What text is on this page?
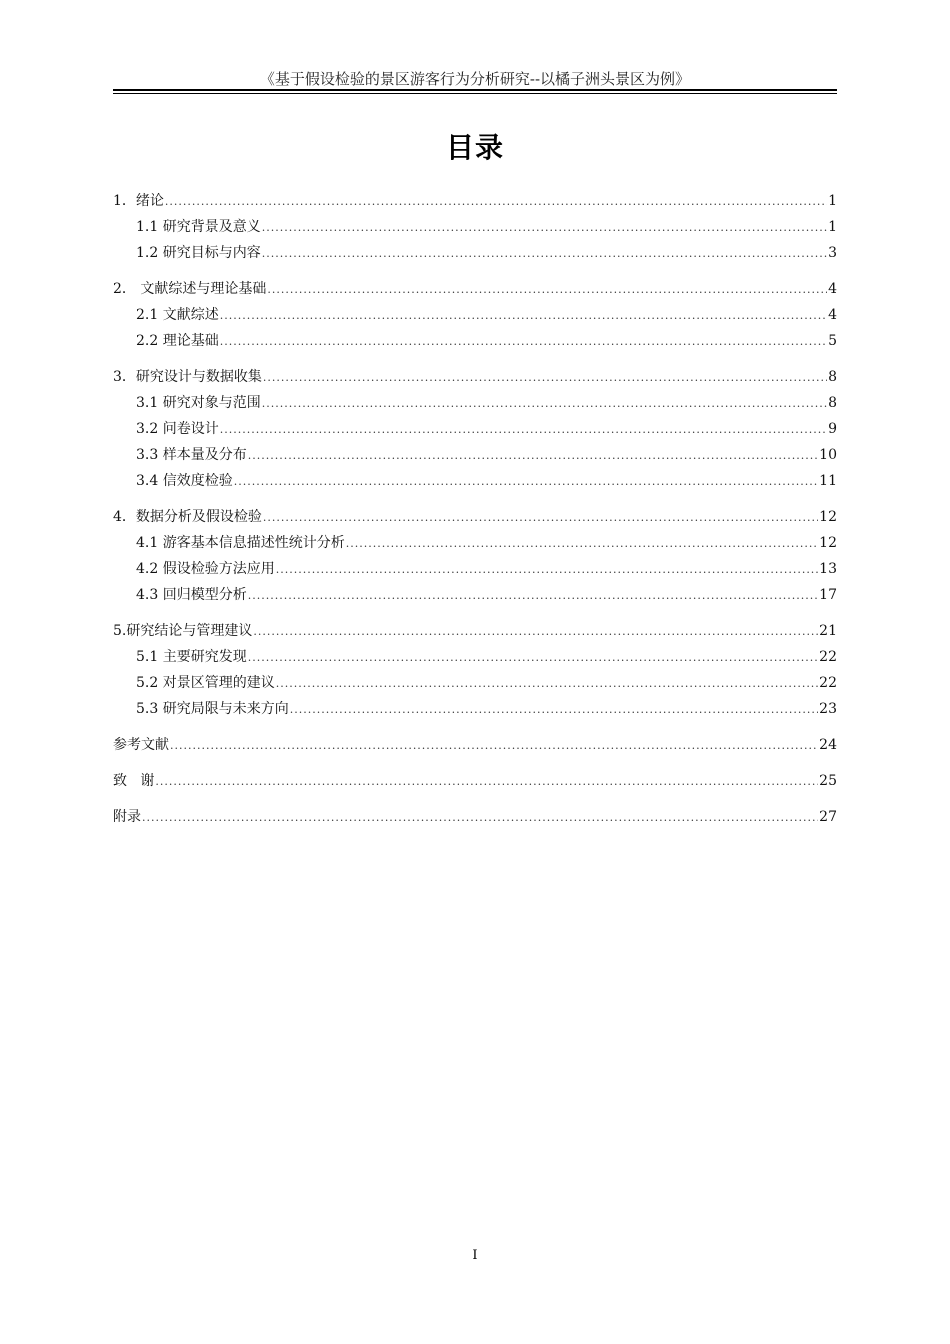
《基于假设检验的景区游客行为分析研究--以橘子洲头景区为例》
目录
1．绪论 .....	1
1.1 研究背景及意义 .....	1
1.2 研究目标与内容 .....	3
2． 文献综述与理论基础 .....	4
2.1 文献综述 .....	4
2.2 理论基础 .....	5
3．研究设计与数据收集 .....	8
3.1 研究对象与范围 .....	8
3.2 问卷设计 .....	9
3.3 样本量及分布 .....	10
3.4 信效度检验 .....	11
4．数据分析及假设检验 .....	12
4.1 游客基本信息描述性统计分析 .....	12
4.2 假设检验方法应用 .....	13
4.3 回归模型分析 .....	17
5.研究结论与管理建议 .....	21
5.1 主要研究发现 .....	22
5.2 对景区管理的建议 .....	22
5.3 研究局限与未来方向 .....	23
参考文献 .....	24
致   谢 .....	25
附录 .....	27
I
